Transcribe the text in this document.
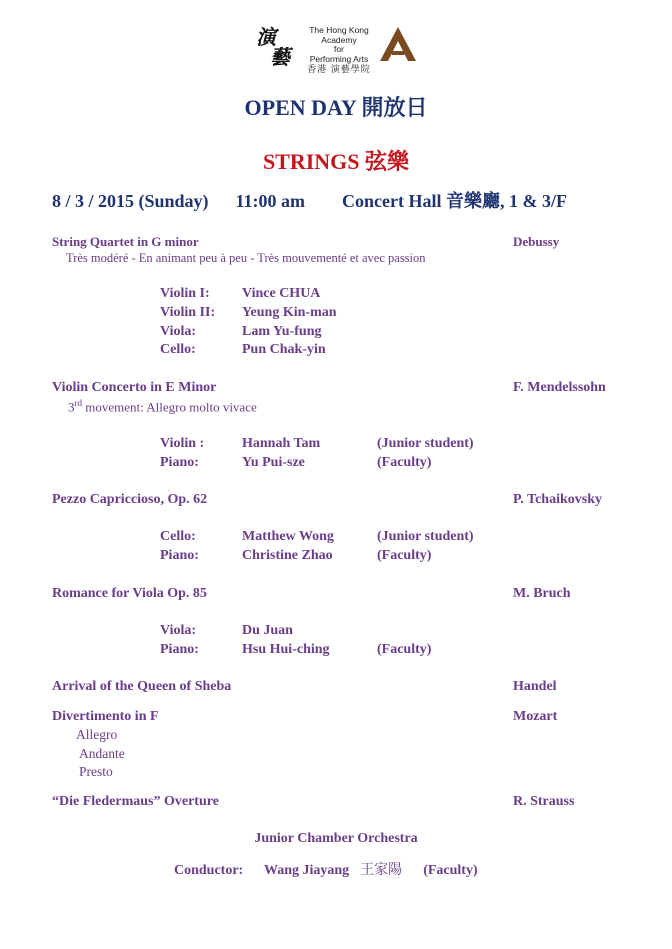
演
藝
The Hong Kong Academy
for
Performing Arts
香港 演藝學院
OPEN DAY 開放日
STRINGS 弦樂
8 / 3 / 2015 (Sunday) 11:00 am Concert Hall 音樂廳, 1 & 3/F
String Quartet in G minor	Debussy
Très modéré - En animant peu à peu - Très mouvementé et avec passion
Violin I: Vince CHUA
Violin II: Yeung Kin-man
Viola:	Lam Yu-fung
Cello:	Pun Chak-yin
Violin Concerto in E Minor	F. Mendelssohn
3rd movement: Allegro molto vivace
Violin :	Hannah Tam	(Junior student)
Piano:	Yu Pui-sze	(Faculty)
Pezzo Capriccioso, Op. 62	P. Tchaikovsky
Cello:	Matthew Wong	(Junior student)
Piano:	Christine Zhao	(Faculty)
Romance for Viola Op. 85	M. Bruch
Viola:	Du Juan
Piano:	Hsu Hui-ching	(Faculty)
Arrival of the Queen of Sheba	Handel
Divertimento in F	Mozart
Allegro
Andante
Presto
“Die Fledermaus” Overture	R. Strauss
Junior Chamber Orchestra
Conductor: Wang Jiayang 王家陽 (Faculty)
